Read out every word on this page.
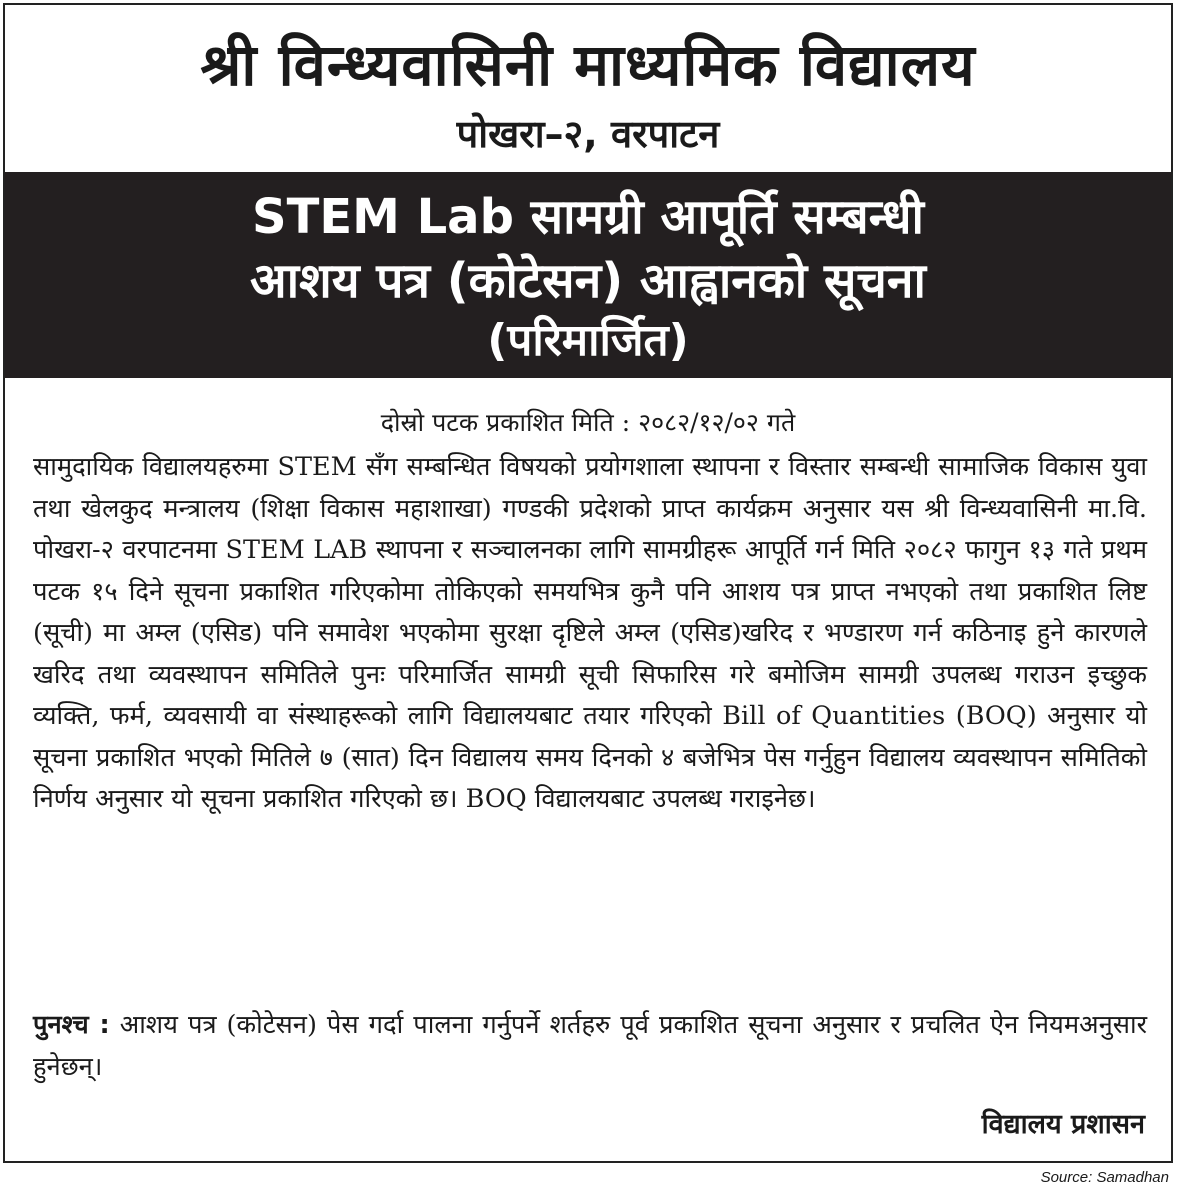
श्री विन्ध्यवासिनी माध्यमिक विद्यालय
पोखरा–२, वरपाटन
STEM Lab सामग्री आपूर्ति सम्बन्धी
आशय पत्र (कोटेसन) आह्वानको सूचना
(परिमार्जित)
दोस्रो पटक प्रकाशित मिति : २०८२/१२/०२ गते
सामुदायिक विद्यालयहरुमा STEM सँग सम्बन्धित विषयको प्रयोगशाला स्थापना र विस्तार सम्बन्धी सामाजिक विकास युवा तथा खेलकुद मन्त्रालय (शिक्षा विकास महाशाखा) गण्डकी प्रदेशको प्राप्त कार्यक्रम अनुसार यस श्री विन्ध्यवासिनी मा.वि. पोखरा-२ वरपाटनमा STEM LAB स्थापना र सञ्चालनका लागि सामग्रीहरू आपूर्ति गर्न मिति २०८२ फागुन १३ गते प्रथम पटक १५ दिने सूचना प्रकाशित गरिएकोमा तोकिएको समयभित्र कुनै पनि आशय पत्र प्राप्त नभएको तथा प्रकाशित लिष्ट (सूची) मा अम्ल (एसिड) पनि समावेश भएकोमा सुरक्षा दृष्टिले अम्ल (एसिड)खरिद र भण्डारण गर्न कठिनाइ हुने कारणले खरिद तथा व्यवस्थापन समितिले पुनः परिमार्जित सामग्री सूची सिफारिस गरे बमोजिम सामग्री उपलब्ध गराउन इच्छुक व्यक्ति, फर्म, व्यवसायी वा संस्थाहरूको लागि विद्यालयबाट तयार गरिएको Bill of Quantities (BOQ) अनुसार यो सूचना प्रकाशित भएको मितिले ७ (सात) दिन विद्यालय समय दिनको ४ बजेभित्र पेस गर्नुहुन विद्यालय व्यवस्थापन समितिको निर्णय अनुसार यो सूचना प्रकाशित गरिएको छ। BOQ विद्यालयबाट उपलब्ध गराइनेछ।
पुनश्च : आशय पत्र (कोटेसन) पेस गर्दा पालना गर्नुपर्ने शर्तहरु पूर्व प्रकाशित सूचना अनुसार र प्रचलित ऐन नियमअनुसार हुनेछन्।
विद्यालय प्रशासन
Source: Samadhan
